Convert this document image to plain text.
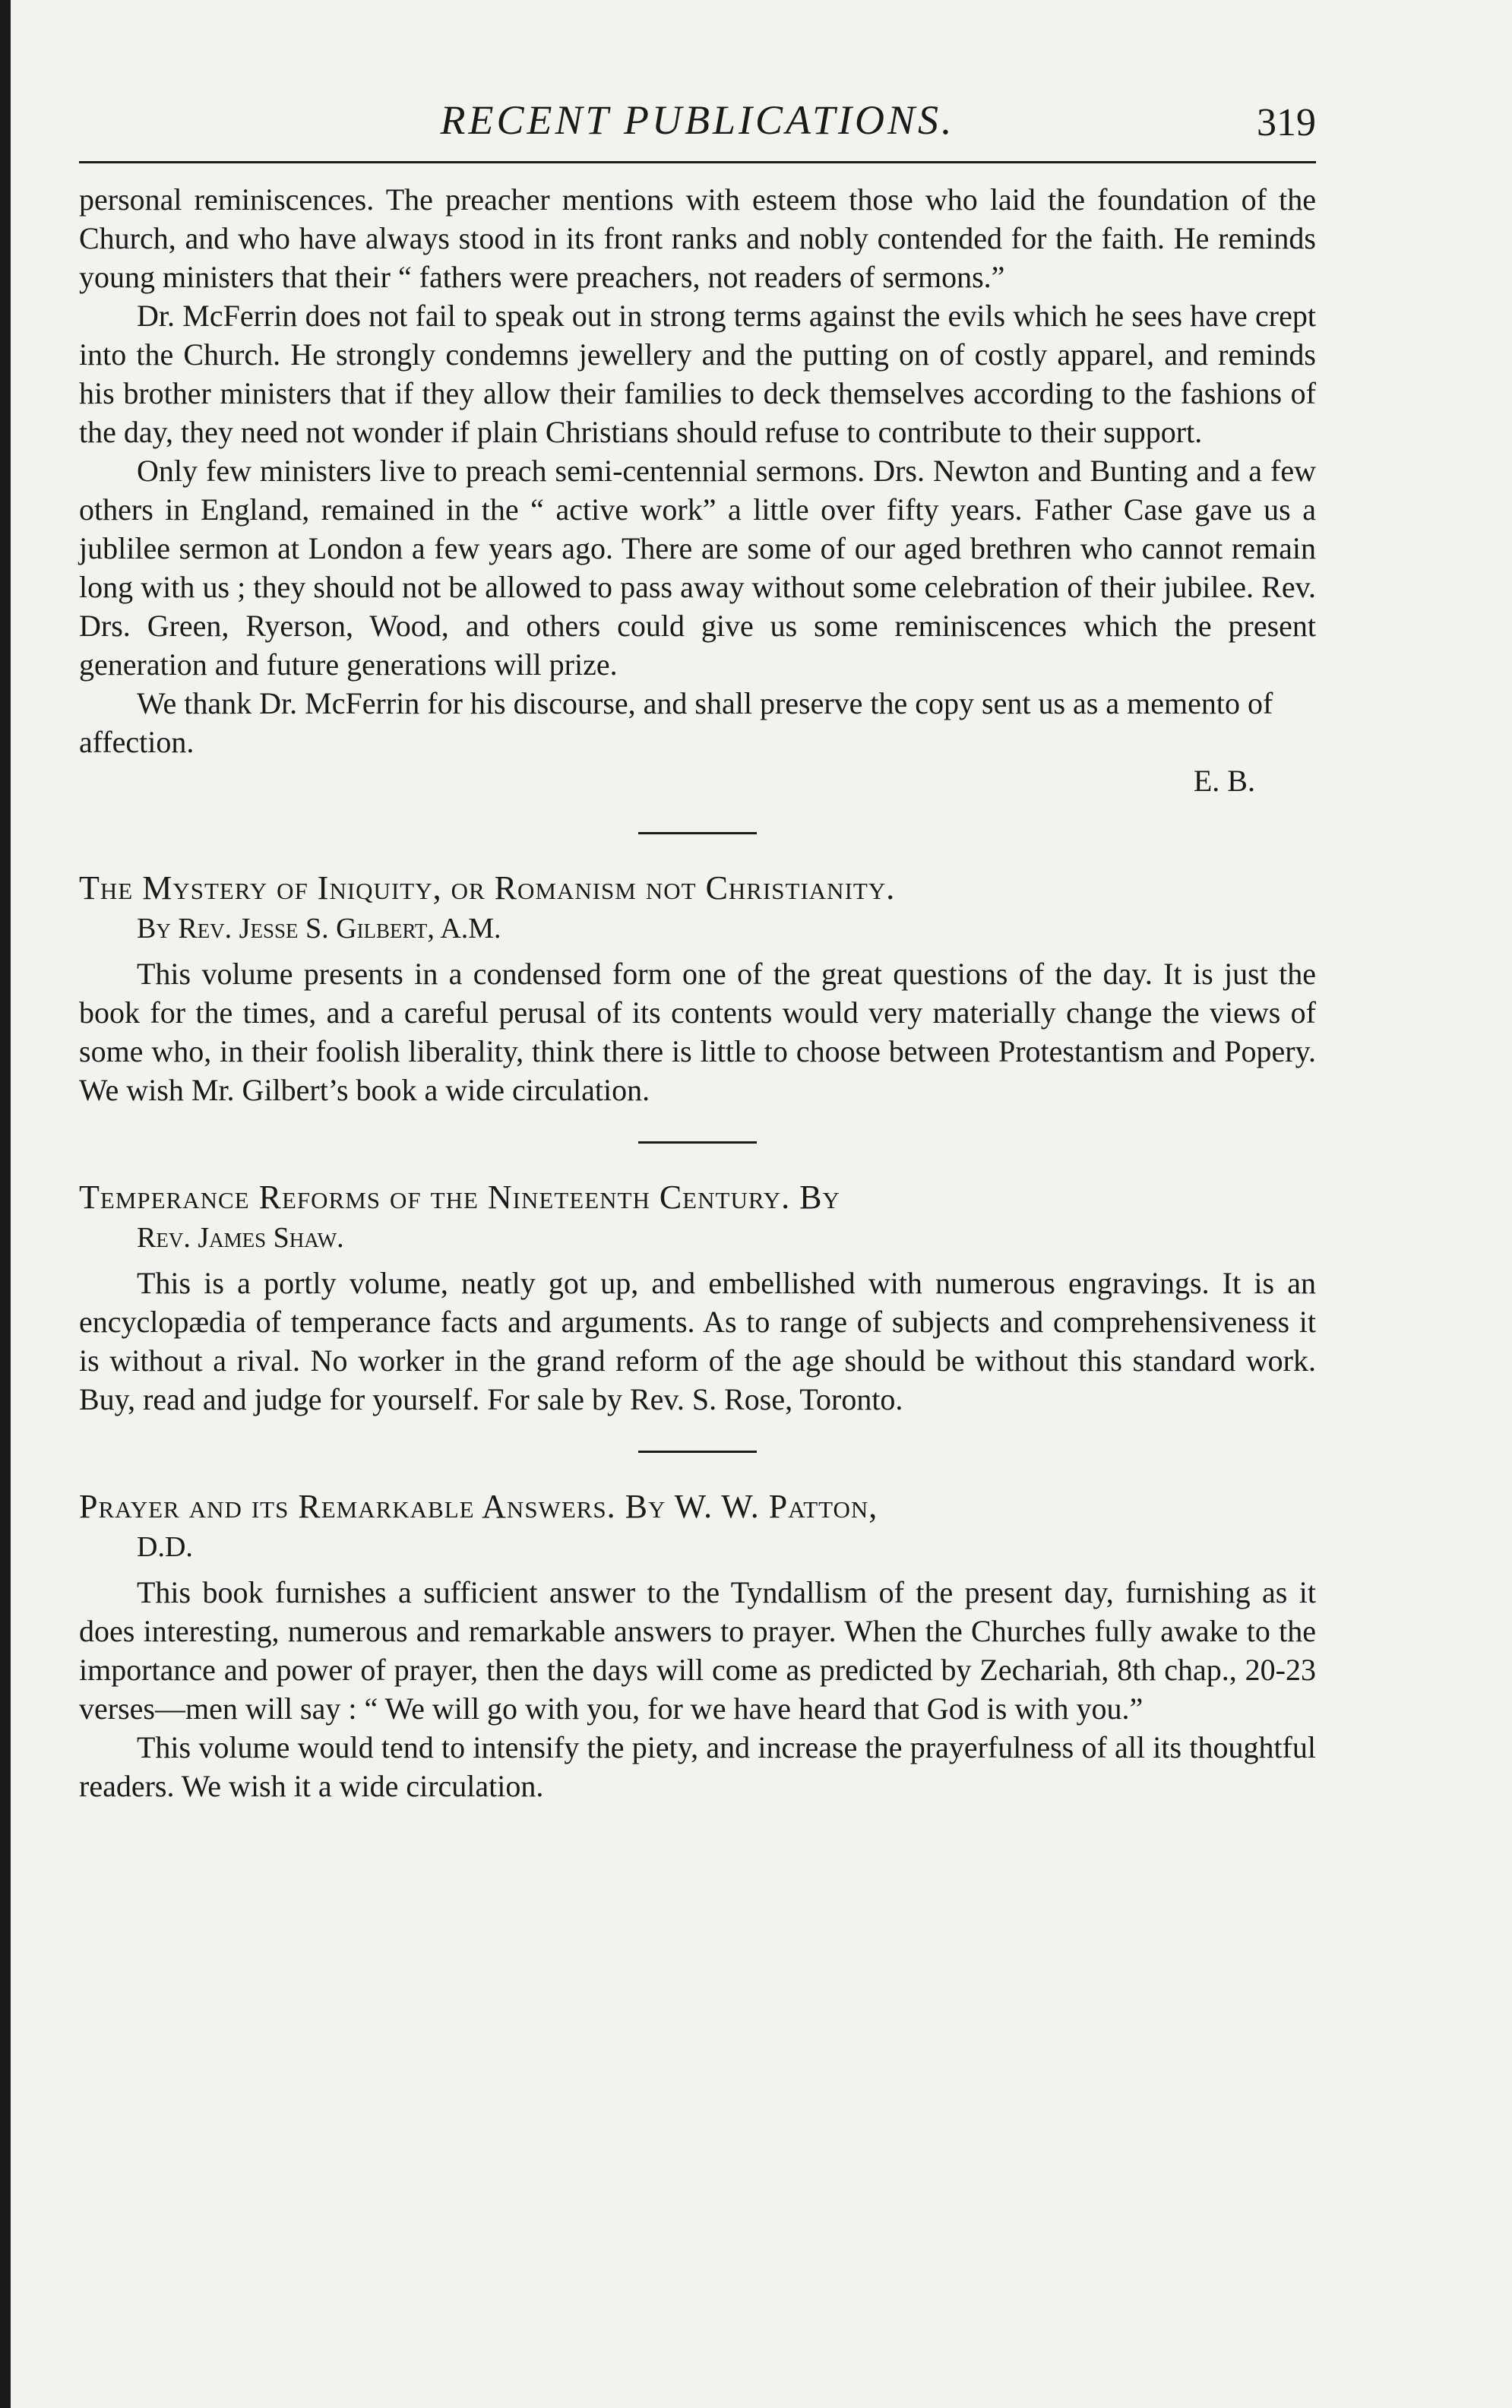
RECENT PUBLICATIONS.	319

personal reminiscences. The preacher mentions with esteem those who laid the foundation of the Church, and who have always stood in its front ranks and nobly contended for the faith. He reminds young ministers that their “ fathers were preachers, not readers of sermons.”

Dr. McFerrin does not fail to speak out in strong terms against the evils which he sees have crept into the Church. He strongly condemns jewellery and the putting on of costly apparel, and reminds his brother ministers that if they allow their families to deck themselves according to the fashions of the day, they need not wonder if plain Christians should refuse to contribute to their support.

Only few ministers live to preach semi-centennial sermons. Drs. Newton and Bunting and a few others in England, remained in the “ active work” a little over fifty years. Father Case gave us a jublilee sermon at London a few years ago. There are some of our aged brethren who cannot remain long with us ; they should not be allowed to pass away without some celebration of their jubilee. Rev. Drs. Green, Ryerson, Wood, and others could give us some reminiscences which the present generation and future generations will prize.

We thank Dr. McFerrin for his discourse, and shall preserve the copy sent us as a memento of affection.

E. B.
The Mystery of Iniquity, or Romanism not Christianity.
By Rev. Jesse S. Gilbert, A.M.

This volume presents in a condensed form one of the great questions of the day. It is just the book for the times, and a careful perusal of its contents would very materially change the views of some who, in their foolish liberality, think there is little to choose between Protestantism and Popery. We wish Mr. Gilbert’s book a wide circulation.

Temperance Reforms of the Nineteenth Century. By
Rev. James Shaw.

This is a portly volume, neatly got up, and embellished with numerous engravings. It is an encyclopædia of temperance facts and arguments. As to range of subjects and comprehensiveness it is without a rival. No worker in the grand reform of the age should be without this standard work. Buy, read and judge for yourself. For sale by Rev. S. Rose, Toronto.

Prayer and its Remarkable Answers. By W. W. Patton,
D.D.

This book furnishes a sufficient answer to the Tyndallism of the present day, furnishing as it does interesting, numerous and remarkable answers to prayer. When the Churches fully awake to the importance and power of prayer, then the days will come as predicted by Zechariah, 8th chap., 20-23 verses—men will say : “ We will go with you, for we have heard that God is with you.”

This volume would tend to intensify the piety, and increase the prayerfulness of all its thoughtful readers. We wish it a wide circulation.
